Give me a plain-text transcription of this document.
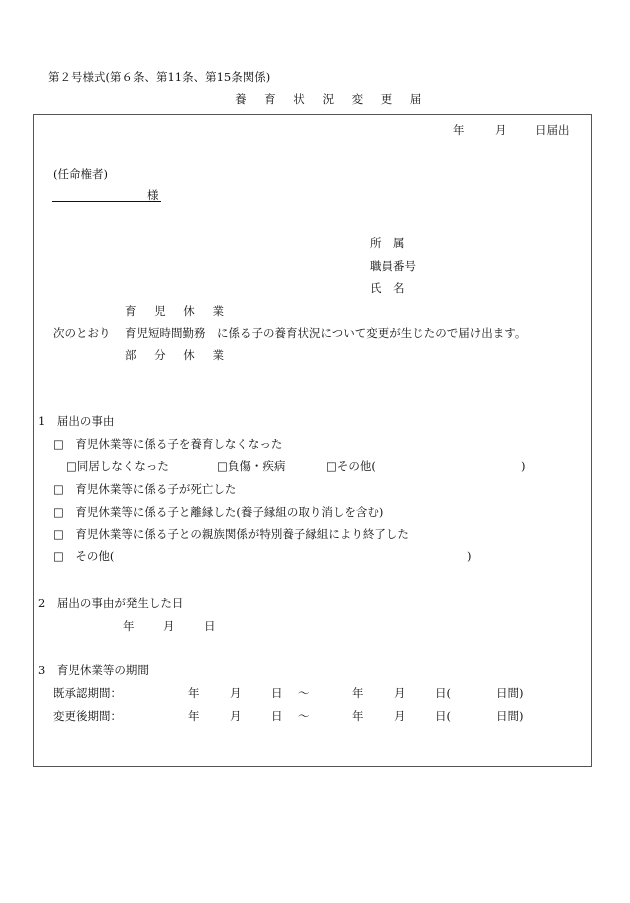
第２号様式(第６条、第11条、第15条関係)
養 育 状 況 変 更 届
年	月 日届出
(任命権者)
様
所　属
職員番号
氏　名
育 児 休 業
次のとおり 育児短時間勤務 に係る子の養育状況について変更が生じたので届け出ます。
部 分 休 業
1　届出の事由
□　育児休業等に係る子を養育しなくなった
□同居しなくなった	□負傷・疾病	□その他(	)
□　育児休業等に係る子が死亡した
□　育児休業等に係る子と離縁した(養子縁組の取り消しを含む)
□　育児休業等に係る子との親族関係が特別養子縁組により終了した
□　その他(	)
2　届出の事由が発生した日
年 月	日
3　育児休業等の期間
既承認期間：	年	月	日 ～	年	月	日(	日間)
変更後期間：	年	月	日 ～	年	月	日(	日間)
